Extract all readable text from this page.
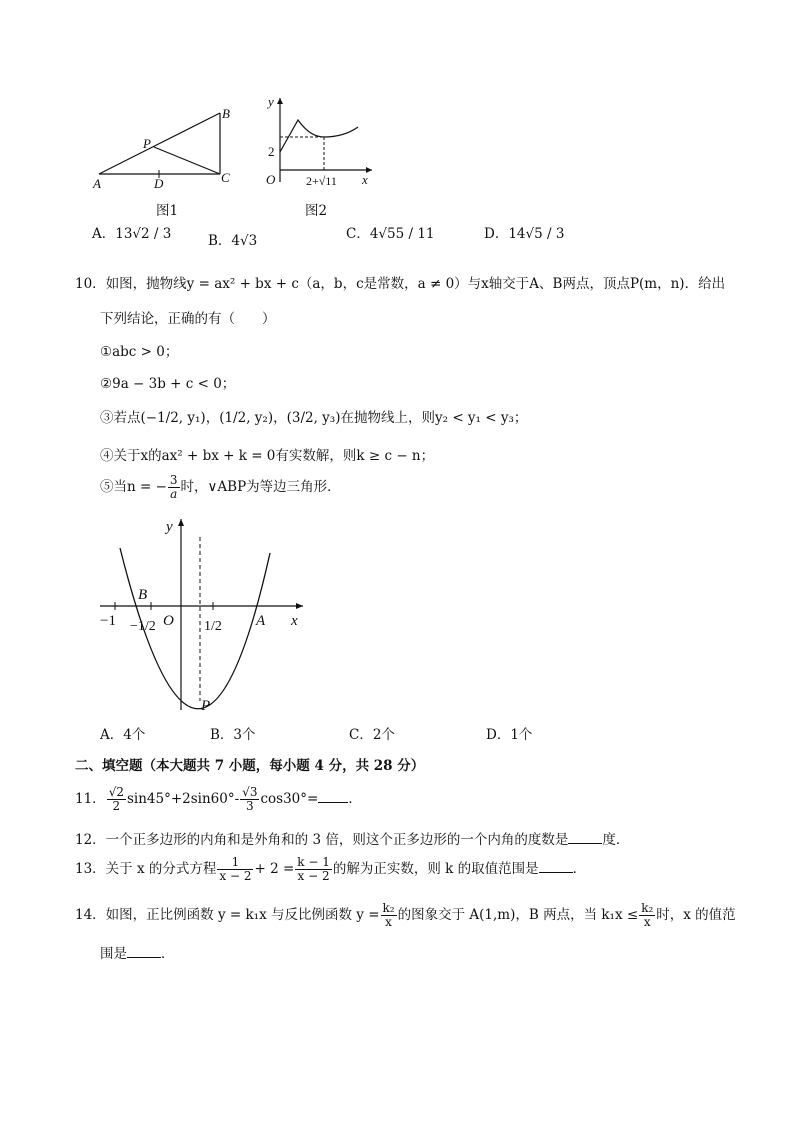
B
P
A	D	C
图1
y
x
O
2
2+√11
图2
A．13√2 / 3	B．4√3	C．4√55 / 11	D．14√5 / 3
10．如图，抛物线y = ax² + bx + c（a，b，c是常数，a ≠ 0）与x轴交于A、B两点，顶点P(m，n)．给出
下列结论，正确的有（　　）
①abc > 0；
②9a − 3b + c < 0；
③若点(−1/2, y₁)，(1/2, y₂)，(3/2, y₃)在抛物线上，则y₂ < y₁ < y₃；
④关于x的ax² + bx + k = 0有实数解，则k ≥ c − n；
⑤当n = − $\frac{3}{a}$ 时，∨ABP为等边三角形．
y
x
O
B
A
P
−1 −1/2	1/2
A．4个	B．3个	C．2个	D．1个
二、填空题（本大题共 7 小题，每小题 4 分，共 28 分）
11． $\frac{√2}{2} \sin 45^\circ+2\sin 60^\circ- \frac{√3}{3} \cos 30^\circ=$ ．
12．一个正多边形的内角和是外角和的 3 倍，则这个正多边形的一个内角的度数是	度．
13．关于 x 的分式方程 $\frac{1}{x - 2} + 2 = \frac{k - 1}{x - 2}$ 的解为正实数，则 k 的取值范围是	．
14．如图，正比例函数 y = k₁x 与反比例函数 $y = \frac{\text{k₂}}{x}$ 的图象交于 A(1,m)，B 两点，当 $k_1x \le \frac{\text{k₂}}{x}$ 时，x 的值范
围是	．
